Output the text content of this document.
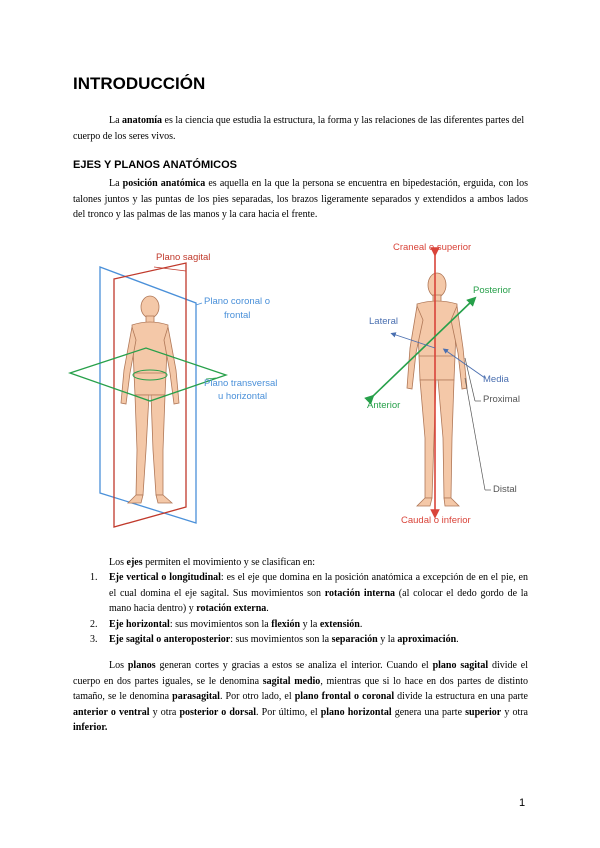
INTRODUCCIÓN

La anatomía es la ciencia que estudia la estructura, la forma y las relaciones de las diferentes partes del cuerpo de los seres vivos.

EJES Y PLANOS ANATÓMICOS

La posición anatómica es aquella en la que la persona se encuentra en bipedestación, erguida, con los talones juntos y las puntas de los pies separadas, los brazos ligeramente separados y extendidos a ambos lados del tronco y las palmas de las manos y la cara hacia el frente.

Plano sagital
Plano coronal o
frontal
Plano transversal
u horizontal
Craneal o superior
Posterior
Lateral
Media
Anterior
Proximal
Distal
Caudal o inferior

Los ejes permiten el movimiento y se clasifican en:

1. Eje vertical o longitudinal: es el eje que domina en la posición anatómica a excepción de en el pie, en el cual domina el eje sagital. Sus movimientos son rotación interna (al colocar el dedo gordo de la mano hacia dentro) y rotación externa.
2. Eje horizontal: sus movimientos son la flexión y la extensión.
3. Eje sagital o anteroposterior: sus movimientos son la separación y la aproximación.

Los planos generan cortes y gracias a estos se analiza el interior. Cuando el plano sagital divide el cuerpo en dos partes iguales, se le denomina sagital medio, mientras que si lo hace en dos partes de distinto tamaño, se le denomina parasagital. Por otro lado, el plano frontal o coronal divide la estructura en una parte anterior o ventral y otra posterior o dorsal. Por último, el plano horizontal genera una parte superior y otra inferior.

1
